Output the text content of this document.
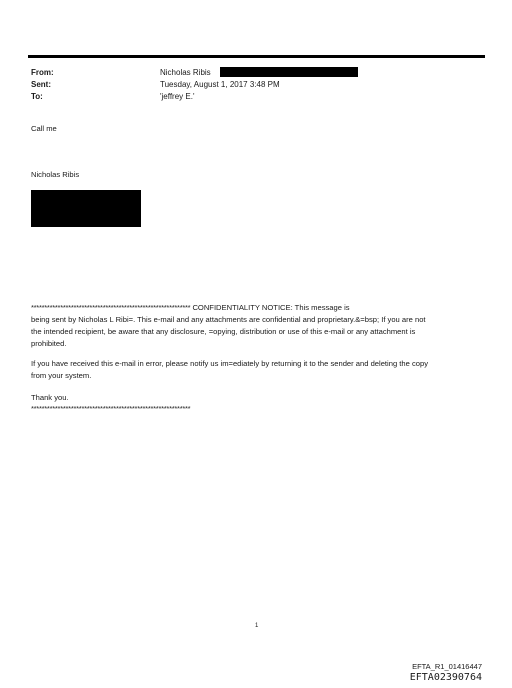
From:	Nicholas Ribis
Sent:	Tuesday, August 1, 2017 3:48 PM
To:	'jeffrey E.'
Call me
Nicholas Ribis
************************************************************ CONFIDENTIALITY NOTICE: This message is
being sent by Nicholas L Ribi=. This e-mail and any attachments are confidential and proprietary.&=bsp; If you are not
the intended recipient, be aware that any disclosure, =opying, distribution or use of this e-mail or any attachment is
prohibited.
If you have received this e-mail in error, please notify us im=ediately by returning it to the sender and deleting the copy
from your system.
Thank you.
************************************************************
1
EFTA_R1_01416447
EFTA02390764
